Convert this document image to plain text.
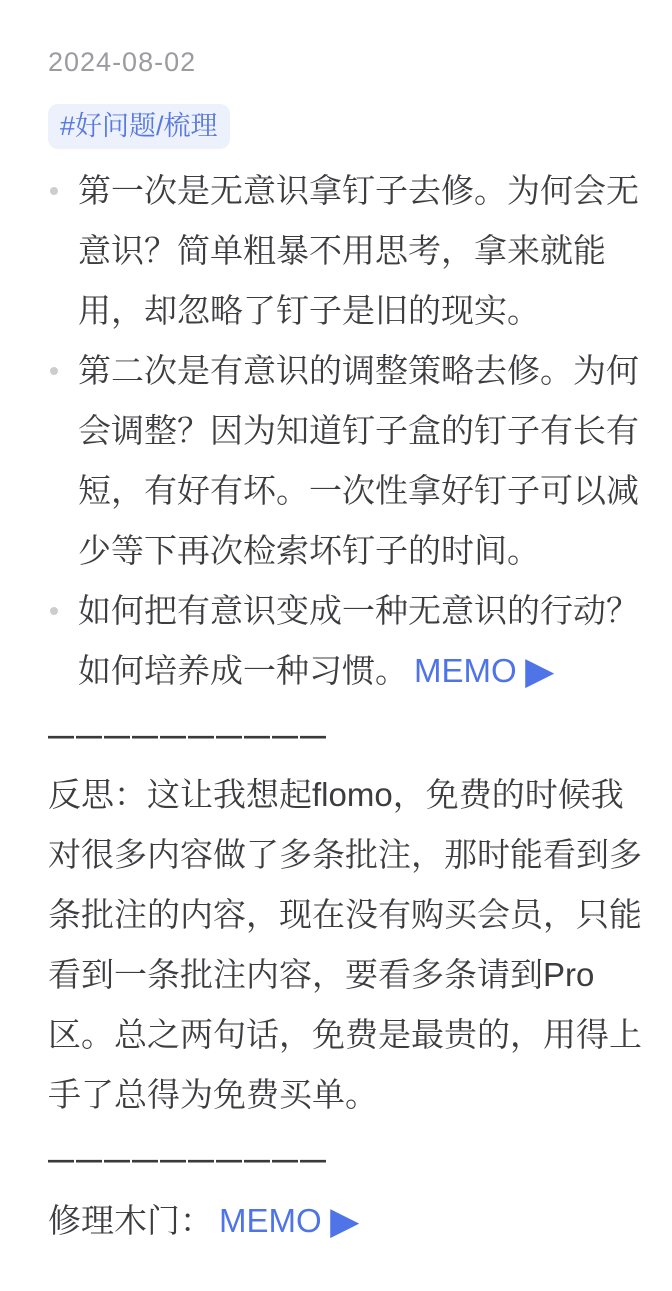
2024-08-02
#好问题/梳理
第一次是无意识拿钉子去修。为何会无意识？简单粗暴不用思考，拿来就能用，却忽略了钉子是旧的现实。
第二次是有意识的调整策略去修。为何会调整？因为知道钉子盒的钉子有长有短，有好有坏。一次性拿好钉子可以减少等下再次检索坏钉子的时间。
如何把有意识变成一种无意识的行动？如何培养成一种习惯。 MEMO ▶
——————————
反思：这让我想起flomo，免费的时候我对很多内容做了多条批注，那时能看到多条批注的内容，现在没有购买会员，只能看到一条批注内容，要看多条请到Pro区。总之两句话，免费是最贵的，用得上手了总得为免费买单。
——————————
修理木门： MEMO ▶
